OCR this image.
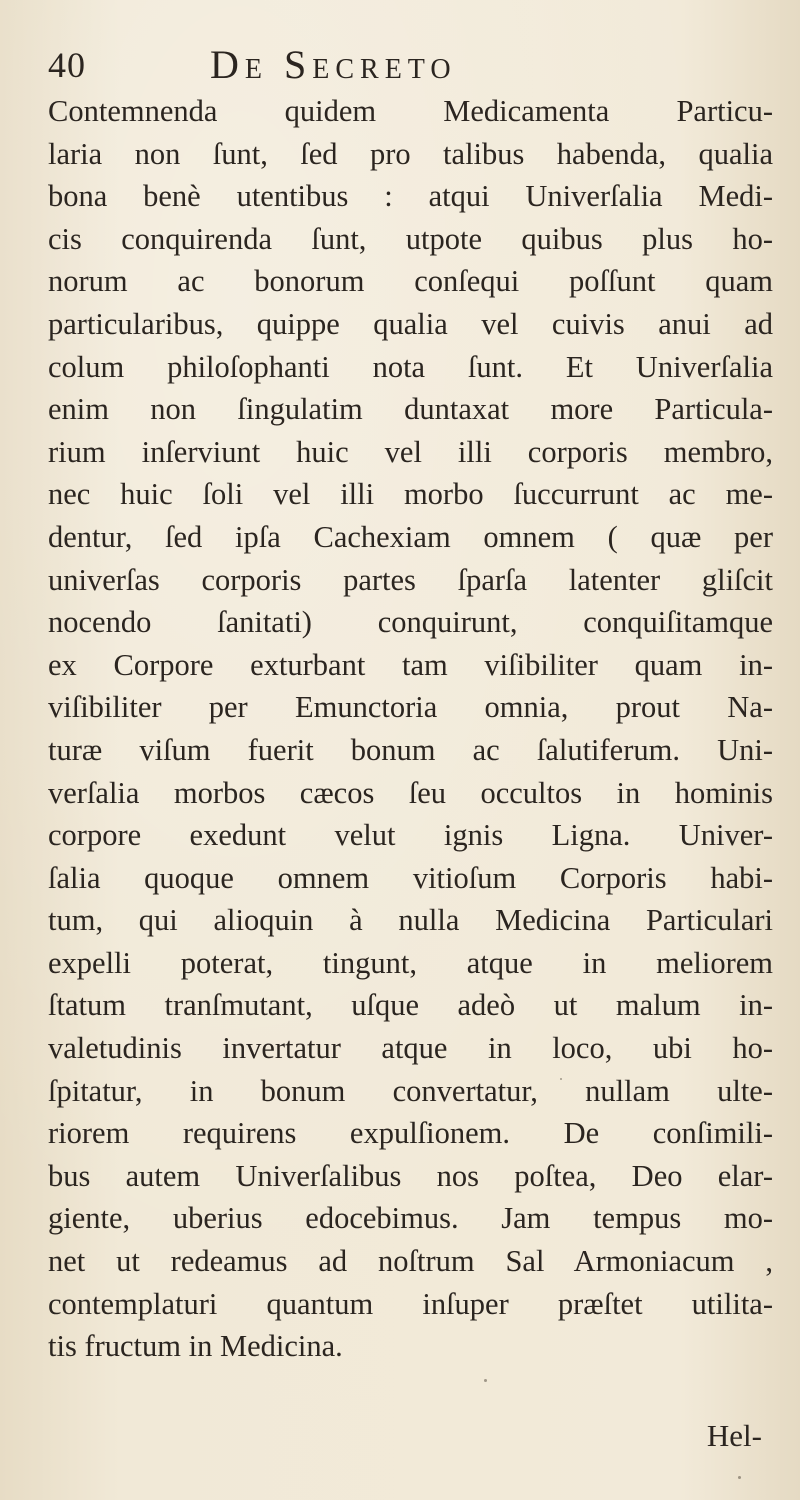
40	De Secreto
Contemnenda quidem Medicamenta Particu-
laria non ſunt, ſed pro talibus habenda, qualia
bona benè utentibus : atqui Univerſalia Medi-
cis conquirenda ſunt, utpote quibus plus ho-
norum ac bonorum conſequi poſſunt quam
particularibus, quippe qualia vel cuivis anui ad
colum philoſophanti nota ſunt. Et Univerſalia
enim non ſingulatim duntaxat more Particula-
rium inſerviunt huic vel illi corporis membro,
nec huic ſoli vel illi morbo ſuccurrunt ac me-
dentur, ſed ipſa Cachexiam omnem ( quæ per
univerſas corporis partes ſparſa latenter gliſcit
nocendo ſanitati) conquirunt, conquiſitamque
ex Corpore exturbant tam viſibiliter quam in-
viſibiliter per Emunctoria omnia, prout Na-
turæ viſum fuerit bonum ac ſalutiferum. Uni-
verſalia morbos cæcos ſeu occultos in hominis
corpore exedunt velut ignis Ligna. Univer-
ſalia quoque omnem vitioſum Corporis habi-
tum, qui alioquin à nulla Medicina Particulari
expelli poterat, tingunt, atque in meliorem
ſtatum tranſmutant, uſque adeò ut malum in-
valetudinis invertatur atque in loco, ubi ho-
ſpitatur, in bonum convertatur, nullam ulte-
riorem requirens expulſionem. De conſimili-
bus autem Univerſalibus nos poſtea, Deo elar-
giente, uberius edocebimus. Jam tempus mo-
net ut redeamus ad noſtrum Sal Armoniacum ,
contemplaturi quantum inſuper præſtet utilita-
tis fructum in Medicina.
Hel-
